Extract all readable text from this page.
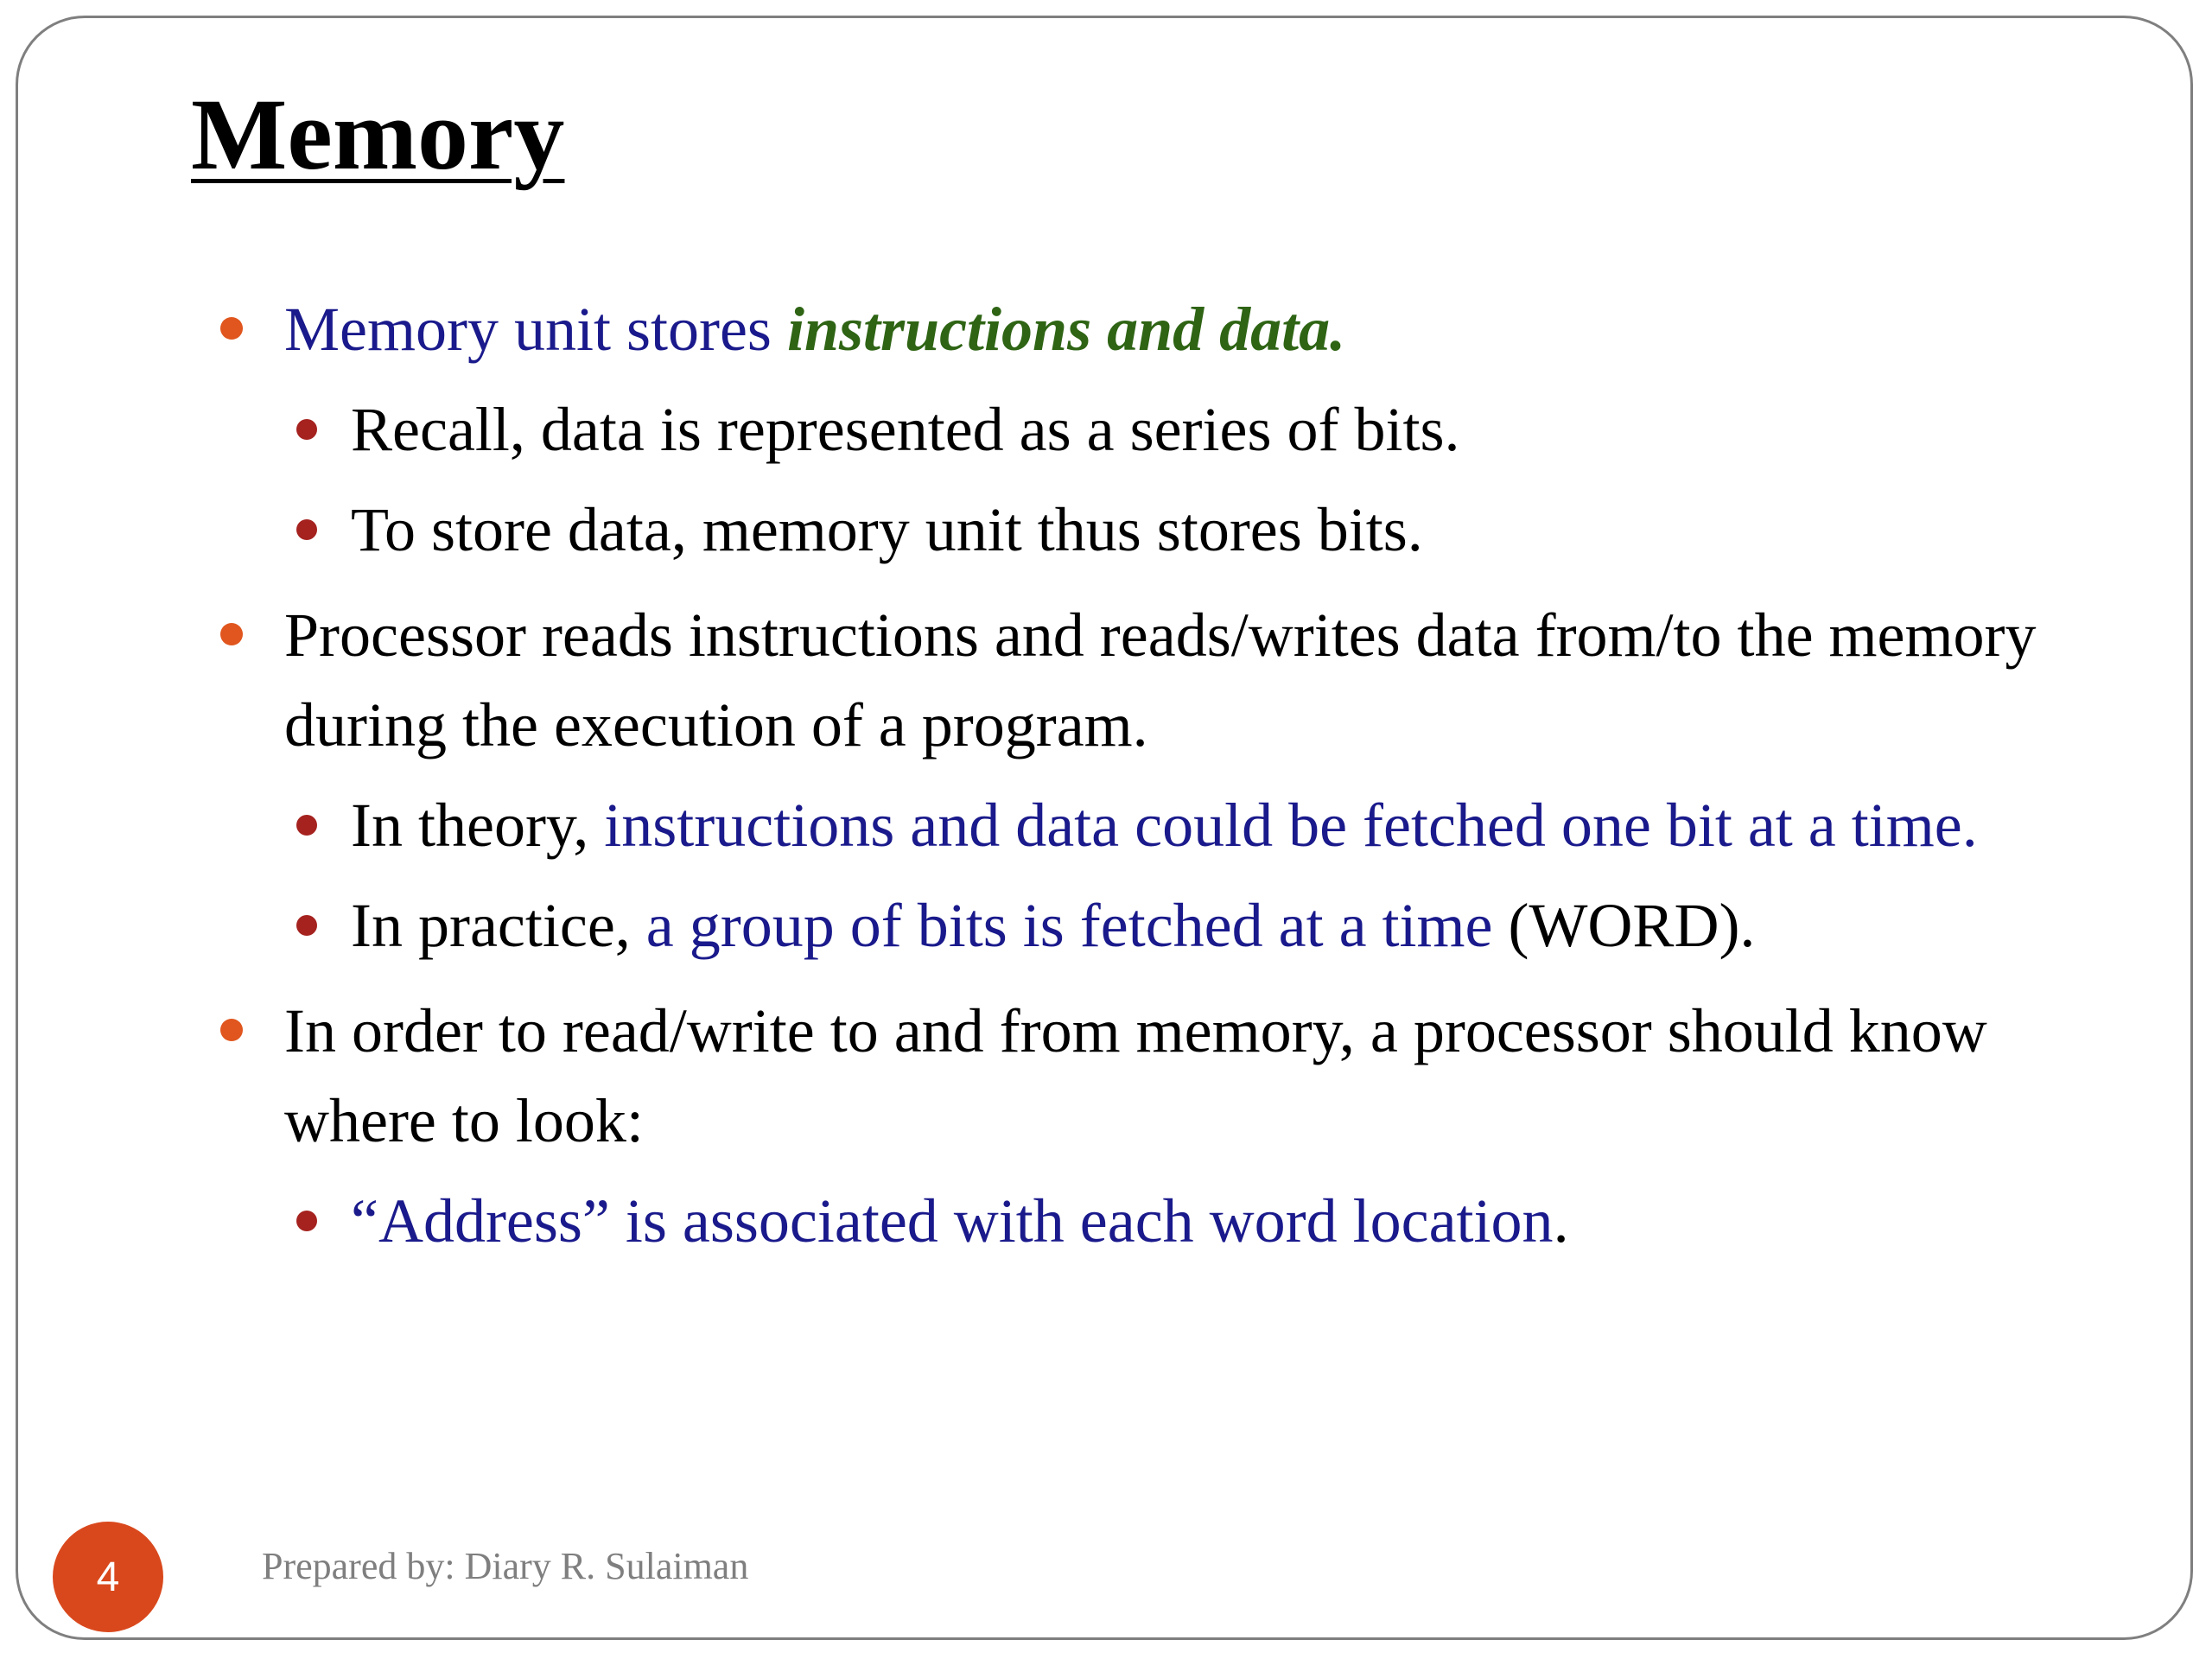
Memory
Memory unit stores instructions and data.
Recall, data is represented as a series of bits.
To store data, memory unit thus stores bits.
Processor reads instructions and reads/writes data from/to the memory during the execution of a program.
In theory, instructions and data could be fetched one bit at a time.
In practice, a group of bits is fetched at a time (WORD).
In order to read/write to and from memory, a processor should know where to look:
“Address” is associated with each word location.
4	Prepared by: Diary R. Sulaiman
